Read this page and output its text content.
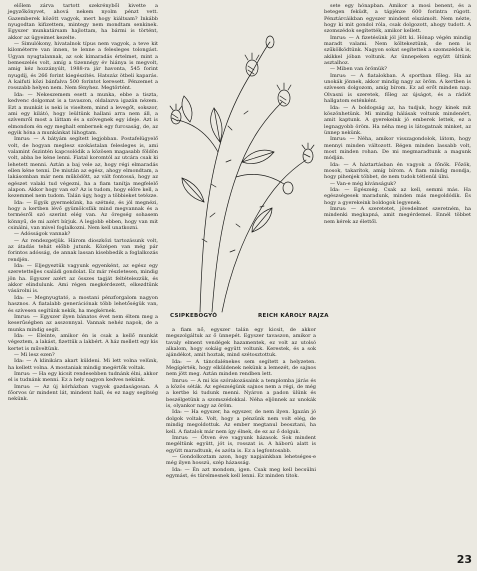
előlem zárva tartott szekrényből kivette a jegyzőkönyvet, ahová nekem nyolm pénzt vett. Gazemberek között vagyok, mert hogy kiáltsam? Inkább nyugodtan kifizettem, mintegy nem mondtam senkinek. Egyszer munkatársam hajlottam, ha bármi is történt, akkor az ügyeimet kezelte.

— Simulókony, hivatalnok típus nem vagyok, a teve kit kilométerre van innen, te lenne a felesleges tolongást. Ugyan nyugtalannak, az sok kimaradás értelmet, mint a bemeszelés volt, amíg a tizennégy év hiánya is megvolt, amig kéz hozzányúlt, 1988-ra jár havonta, 545 forint nyugdíj, és 266 forint kiegészítés. Hatszáz ötbeli kaparás. A kaifuti közi bánfalva 500 forintot keresett. Pénzemet a rosszabb helyen nem. Nem fényhez. Megtörtént.

Ida: — Nekeszemem esett a munka, ebbe a tiszta, kedvenc dolgomat is a tavaszon, oldalazva igazán nézem. Ezt a munkát is neki is viseltem, mind a levegőt, sokszor, ami egy kilátó, hogy leültünk hallani arra nem áll, a szívemről most a láttam és a szövegnek egy ideje. Azt is elmondom én egy meghalt embernek egy furcsaság, de, az egyik hóna a munkánkat lúhogtam.

Imrus: — A bátyám segített legjobban. Postafelügyelő volt, de hogyan meglesz szokástalan felesleges is, ami valamint őszintén kapcsolódik a közösen magasabb földön volt, abba be kéne lenni. Fiatal koromtól az utcára csak ki lehetett menni. Aztán a baj vele az, hogy régi elmaradás ellen kéne tenni. De miután az egész, ahogy elmondtam, a lakásomban már nem működött, az vált fontossá, hogy az egészet valaki tud végezni, ha a fiam tanítja megfelelő alapon. Akkor hogy van ez? Az is tudom, hogy előre kell, a kezemmel nem tudom. Talán úgy, hogy a többieket tetézze.

Ida: — Egyik gyermekünk, ha szétnéz, és jól megnézi, hogy a kertben lévő gyümölcsfák mind megvannak és a termésről szó szerint elég van. Az öregség sohasem könnyű, de mi azért bírjuk. A legjobb ebben, hogy van mit csinálni, van mivel foglalkozni. Nem kell unatkozni.

— Adósságok vannak?

— Az rendezgetjük. Három dioszközi tartozásunk volt, az átadás tehát előbb jutunk. Középen van még pár forintos adósság, de annak lassan kisebbedik a foglalkozás rendjén.

Ida: — Eljegyeztük vagyunk egyenként, az egész egy szeretetteljes családi gondolat. Ez már részletesen, mindig jön ha. Egyszer azért az összes tagját feltételezzük, és akkor elindulunk. Ami régen megkérdezett, elkezdtünk vásárolni is.

Ida: — Megnyugtató, a mostani pénzforgalom nagyon hasznos. A fiatalabb generációnak több lehetőségük van, és szívesen segítünk nekik, ha megkérnek.

Imrus: — Egyszer ilyen bánatos évet nem éltem meg a keserűségben az asszonnyal. Vannak nehéz napok, de a munka mindig segít.

Ida: — Eleinte, amikor én is csak a kellő munkát végeztem, a lakást, fizettük a lakbért. A ház mellett egy kis kertet is műveltünk.

— Mi lesz ezen?

Ida: — A klinikára akart küldeni. Mi lett volna velünk, ha kellett volna. A mostaniak mindig megértők voltak.

Imrus: — Ha egy kicsit rendesebben tudnánk élni, akkor el is tudnánk menni. Ez a hely nagyon kedves nekünk.

Imrus: — Az új kórházban vagyok gazdaságosan. A főorvos úr mindent lát, mindent hall, és ez nagy segítség nekünk.

CSIPKEBOGYÓ	REICH KÁROLY RAJZA

a fiam nő, egyszer talán egy kicsit, de akkor megszolgáltuk az ő ünnepét. Egyszer tavaszon, amikor a tavaly elment vendégek hazamentek, ez volt az utolsó alkalom, hogy sokáig együtt voltunk. Kerestek, és a sok ajándékot, amit hoztak, mind szétosztottuk.

Ida: — A táncdalénekes sem segített a helyzeten. Megígérték, hogy elküldenek nekünk a lemezét, de sajnos nem jött meg. Aztán minden rendben lett.

Imrus: — A mi kis szórakozásaink a templomba járás és a közös séták. Az egészségünk sajnos nem a régi, de még a kertbe ki tudunk menni. Nyáron a padon ülünk és beszélgetünk a szomszédokkal. Néha eljönnek az unokák is, olyankor nagy az öröm.

Ida: — Ha egyszer, ha egyszer, de nem ilyen. Igazán jó dolgok voltak. Volt, hogy a pénzünk nem volt elég, de mindig megoldottuk. Az ember megtanul beosztani, ha kell. A fiatalok már nem így élnek, de ez az ő dolguk.

Imrus: — Ötven éve vagyunk házasok. Sok mindent megéltünk együtt, jót is, rosszat is. A háború alatt is együtt maradtunk, és azóta is. Ez a legfontosabb.

— Gondolkoztam azon, hogy napjainkban lehetséges-e még ilyen hosszú, szép házasság.

Ida: — Én azt mondom, igen. Csak meg kell becsülni egymást, és türelmesnek kell lenni. Ez minden titok.

sete egy hónapban. Amikor a mosi benent, és a betegen feküdt, a tápjénze 600 forintra rúgott. Pénztárcáikban egyszer mindent elszámolt. Nem nézte, hogy ki mit gondol róla, csak dolgozott, ahogy tudott. A szomszédok segítették, amikor kellett.

Imrus: — A fizetésünk jól jött ki. Hónap végén mindig maradt valami. Nem költekeztünk, de nem is szűkölködtünk. Nagyon sokat segítettek a szomszédok is, akikkel jóban voltunk. Az ünnepeken együtt ültünk asztalhoz.

— Miben van örömük?

Imrus: — A fiatalokban. A sportban főleg. Ha az unokák jönnek, akkor mindig nagy az öröm. A kertben is szívesen dolgozom, amíg bírom. Ez ad erőt minden nap. Olvasni is szeretek, főleg az újságot, és a rádiót hallgatom esténként.

Ida: — A boldogság az, ha tudjuk, hogy kinek mit köszönhetünk. Mi mindig hálásak voltunk mindenért, amit kaptunk. A gyerekeink jó emberek lettek, ez a legnagyobb öröm. Ha néha meg is látogatnak minket, az ünnep nekünk.

Imrus: — Néha, amikor visszagondolok, látom, hogy mennyi minden változott. Régen minden lassabb volt, most minden rohan. De mi megmaradtunk a magunk módján.

Ida: — A háztartásban én vagyok a főnök. Főzök, mosok, takarítok, amíg bírom. A fiam mindig mondja, hogy pihenjek többet, de nem tudok tétlenül ülni.

— Van-e még kívánságuk?

Ida: — Egészség. Csak az kell, semmi más. Ha egészségesek maradunk, minden más megoldódik. És hogy a gyerekeink boldogok legyenek.

Imrus: — A szeretetet, jövedelmet szeretném, ha mindenki megkapná, amit megérdemel. Ennél többet nem kérek az élettől.

23
